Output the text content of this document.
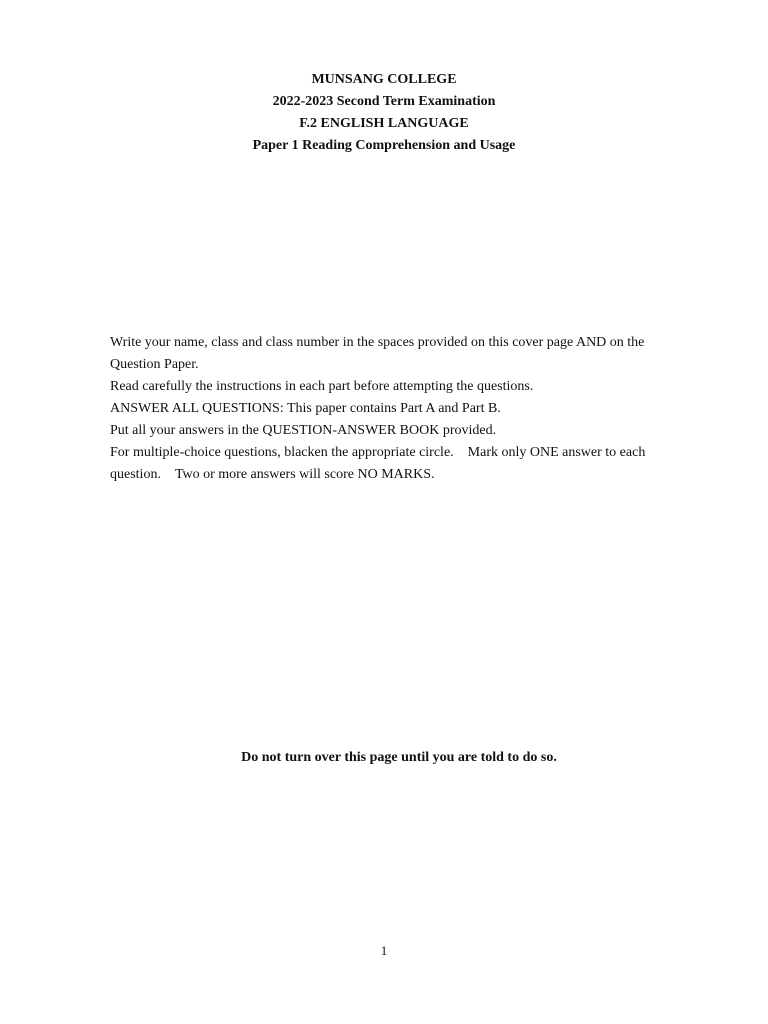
MUNSANG COLLEGE
2022-2023 Second Term Examination
F.2 ENGLISH LANGUAGE
Paper 1 Reading Comprehension and Usage

Write your name, class and class number in the spaces provided on this cover page AND on the Question Paper.

Read carefully the instructions in each part before attempting the questions.

ANSWER ALL QUESTIONS: This paper contains Part A and Part B.

Put all your answers in the QUESTION-ANSWER BOOK provided.

For multiple-choice questions, blacken the appropriate circle.    Mark only ONE answer to each question.    Two or more answers will score NO MARKS.

Do not turn over this page until you are told to do so.
1
